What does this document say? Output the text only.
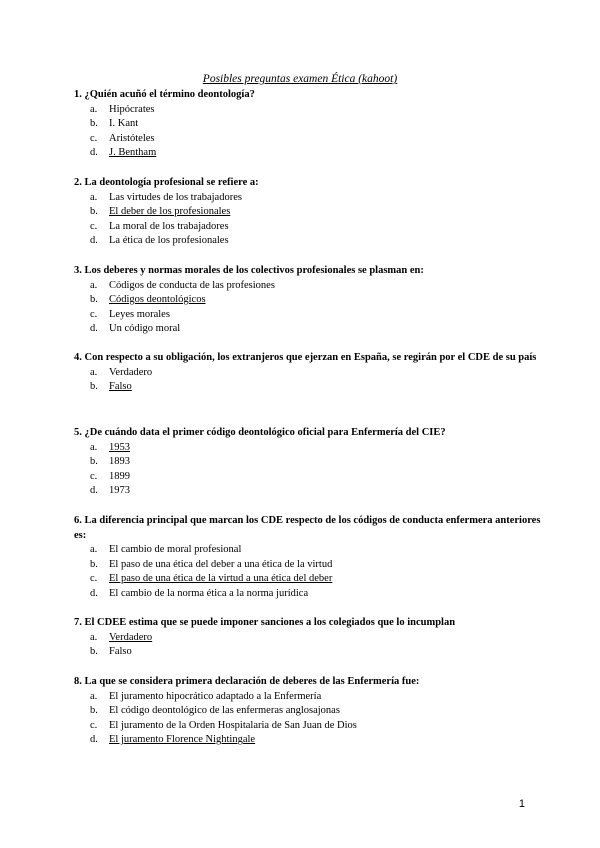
Posibles preguntas examen Ética (kahoot)

1. ¿Quién acuñó el término deontología?

a. Hipócrates
b. I. Kant
c. Aristóteles
d. J. Bentham

2. La deontología profesional se refiere a:

a. Las virtudes de los trabajadores
b. El deber de los profesionales
c. La moral de los trabajadores
d. La ética de los profesionales

3. Los deberes y normas morales de los colectivos profesionales se plasman en:

a. Códigos de conducta de las profesiones
b. Códigos deontológicos
c. Leyes morales
d. Un código moral

4. Con respecto a su obligación, los extranjeros que ejerzan en España, se regirán por el CDE de su país

a. Verdadero
b. Falso

5. ¿De cuándo data el primer código deontológico oficial para Enfermería del CIE?

a. 1953
b. 1893
c. 1899
d. 1973

6. La diferencia principal que marcan los CDE respecto de los códigos de conducta enfermera anteriores es:

a. El cambio de moral profesional
b. El paso de una ética del deber a una ética de la virtud
c. El paso de una ética de la virtud a una ética del deber
d. El cambio de la norma ética a la norma jurídica

7. El CDEE estima que se puede imponer sanciones a los colegiados que lo incumplan

a. Verdadero
b. Falso

8. La que se considera primera declaración de deberes de las Enfermería fue:

a. El juramento hipocrático adaptado a la Enfermería
b. El código deontológico de las enfermeras anglosajonas
c. El juramento de la Orden Hospitalaria de San Juan de Dios
d. El juramento Florence Nightingale
1
